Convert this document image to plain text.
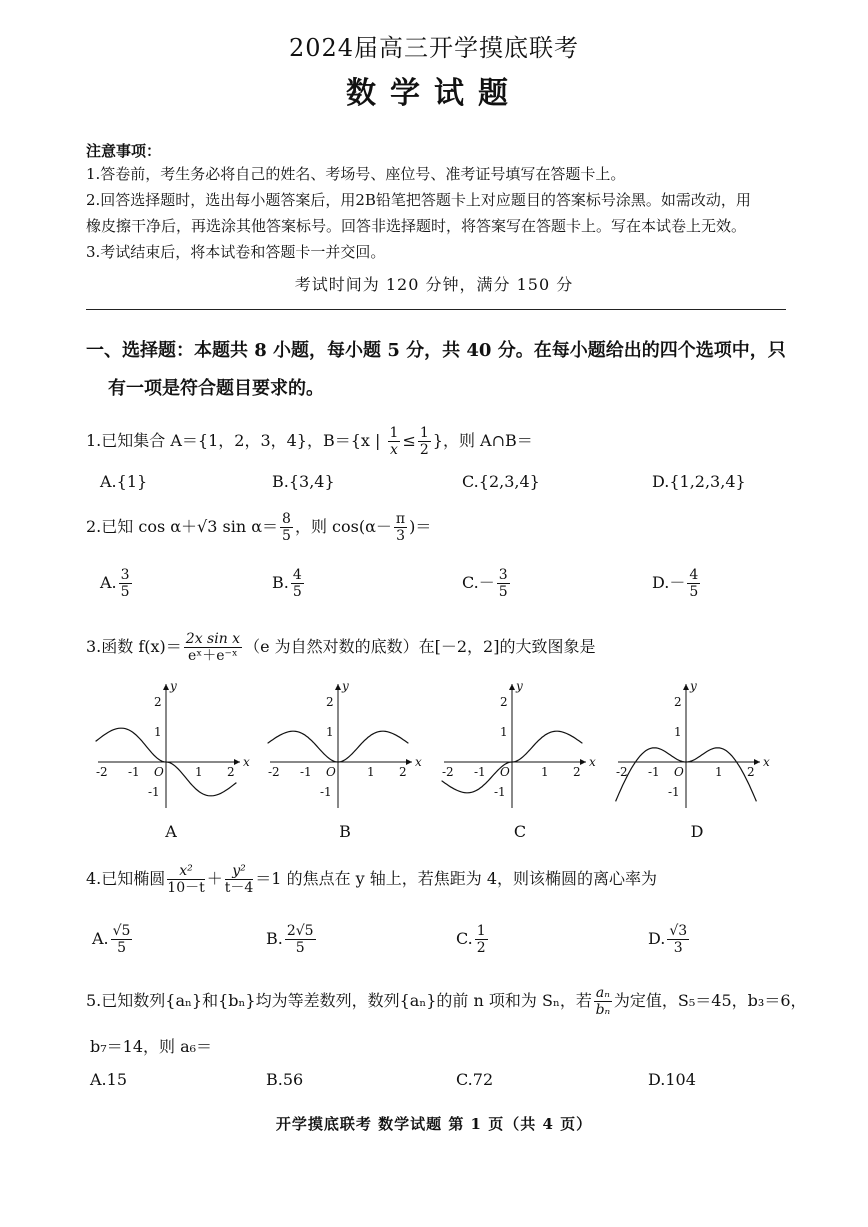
2024届高三开学摸底联考
数学试题
注意事项：
1.答卷前，考生务必将自己的姓名、考场号、座位号、准考证号填写在答题卡上。
2.回答选择题时，选出每小题答案后，用2B铅笔把答题卡上对应题目的答案标号涂黑。如需改动，用
橡皮擦干净后，再选涂其他答案标号。回答非选择题时，将答案写在答题卡上。写在本试卷上无效。
3.考试结束后，将本试卷和答题卡一并交回。
考试时间为 120 分钟，满分 150 分
一、选择题：本题共 8 小题，每小题 5 分，共 40 分。在每小题给出的四个选项中，只
有一项是符合题目要求的。
1.已知集合 A＝{1，2，3，4}，B＝{x | $\frac{1}{x} \le \frac{1}{2}$ }，则 A∩B＝
A.{1}	B.{3,4}	C.{2,3,4}	D.{1,2,3,4}
2.已知 cos α＋√3 $\sin \alpha= \frac{8}{5}$ ，则 $\cos(\alpha- \frac{\pi}{3}$ )＝
A. $\frac{3}{5}$	B. $\frac{4}{5}$	$C.- \frac{3}{5}$	$D.- \frac{4}{5}$
3.函数 $f(x)= \frac{\text{2x sin x}}{\text{eˣ＋e⁻ˣ}} (e$ 为自然对数的底数）在[－2，2]的大致图象是
x
y
O
-2 -1	1 2
2
1
-1
x
y
O
-2 -1	1 2
2
1
-1
x
y
O
-2 -1	1 2
2
1
-1
x
y
O
-2 -1	1 2
2
1
-1
A	B	C	D
4.已知椭圆 $\frac{\text{x²}}{10-t} + \frac{\text{y²}}{t-4} =1$ 的焦点在 y 轴上，若焦距为 4，则该椭圆的离心率为
A. $\frac{√5}{5}$	B. $\frac{2√5}{5}$	C. $\frac{1}{2}$	D. $\frac{√3}{3}$
5.已知数列{aₙ}和{bₙ}均为等差数列，数列{aₙ}的前 n 项和为 Sₙ，若 $\frac{\text{aₙ}}{\text{bₙ}}$ 为定值，S₅＝45，b₃＝6，
b₇＝14，则 a₆＝
A.15	B.56	C.72	D.104
开学摸底联考 数学试题 第 1 页（共 4 页）
